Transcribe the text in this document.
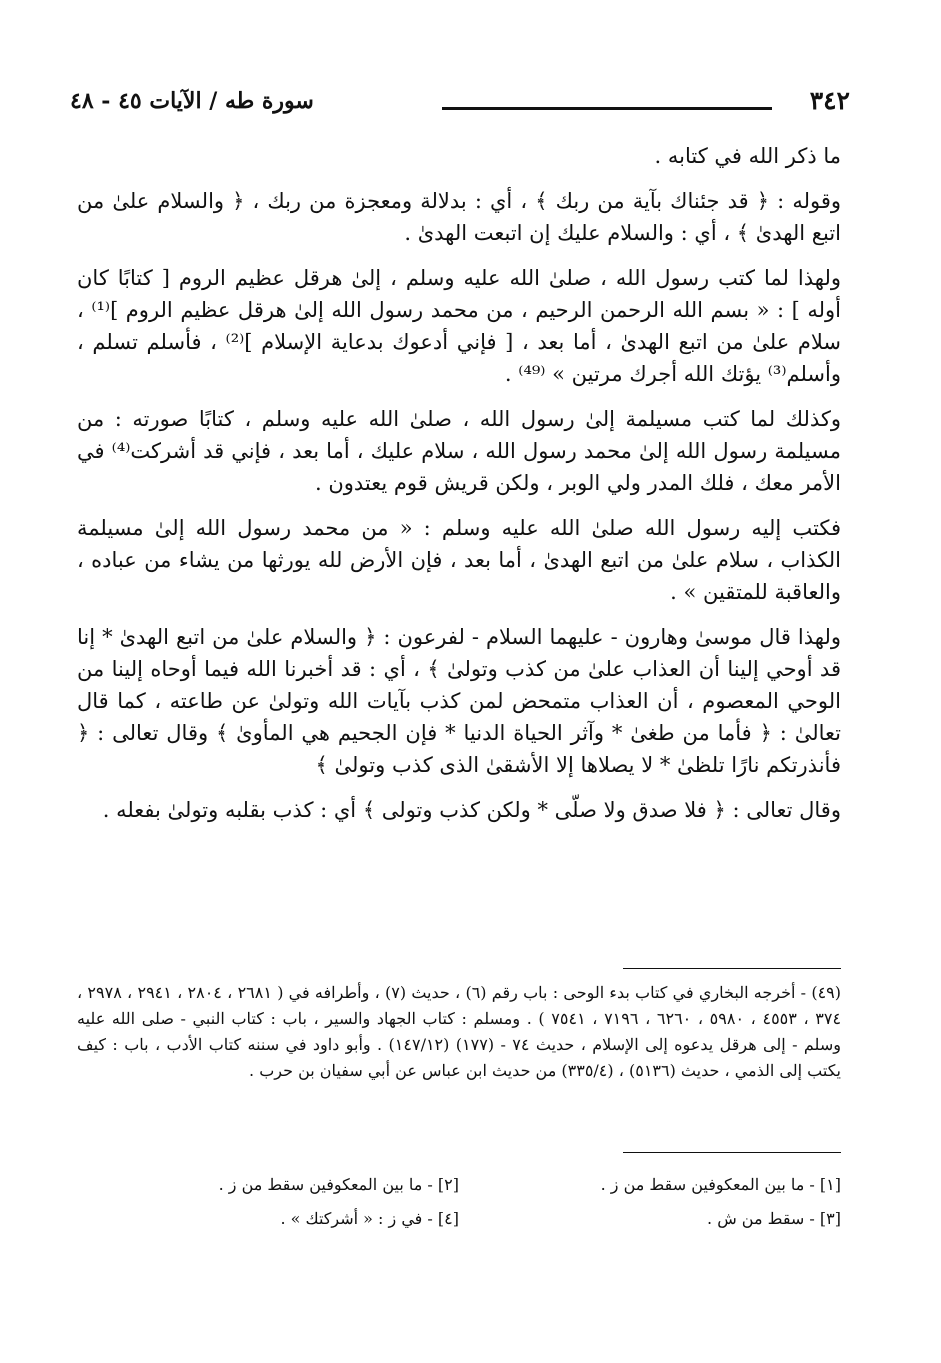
٣٤٢
سورة طه / الآيات ٤٥ - ٤٨

ما ذكر الله في كتابه .

وقوله : ﴿ قد جئناك بآية من ربك ﴾ ، أي : بدلالة ومعجزة من ربك ، ﴿ والسلام علىٰ من اتبع الهدىٰ ﴾ ، أي : والسلام عليك إن اتبعت الهدىٰ .

ولهذا لما كتب رسول الله ، صلىٰ الله عليه وسلم ، إلىٰ هرقل عظيم الروم [ كتابًا كان أوله ] : « بسم الله الرحمن الرحيم ، من محمد رسول الله إلىٰ هرقل عظيم الروم ]⁽¹⁾ ، سلام علىٰ من اتبع الهدىٰ ، أما بعد ، [ فإني أدعوك بدعاية الإسلام ]⁽²⁾ ، فأسلم تسلم ، وأسلم⁽³⁾ يؤتك الله أجرك مرتين » ⁽⁴⁹⁾ .

وكذلك لما كتب مسيلمة إلىٰ رسول الله ، صلىٰ الله عليه وسلم ، كتابًا صورته : من مسيلمة رسول الله إلىٰ محمد رسول الله ، سلام عليك ، أما بعد ، فإني قد أشركت⁽⁴⁾ في الأمر معك ، فلك المدر ولي الوبر ، ولكن قريش قوم يعتدون .

فكتب إليه رسول الله صلىٰ الله عليه وسلم : « من محمد رسول الله إلىٰ مسيلمة الكذاب ، سلام علىٰ من اتبع الهدىٰ ، أما بعد ، فإن الأرض لله يورثها من يشاء من عباده ، والعاقبة للمتقين » .

ولهذا قال موسىٰ وهارون - عليهما السلام - لفرعون : ﴿ والسلام علىٰ من اتبع الهدىٰ * إنا قد أوحي إلينا أن العذاب علىٰ من كذب وتولىٰ ﴾ ، أي : قد أخبرنا الله فيما أوحاه إلينا من الوحي المعصوم ، أن العذاب متمحض لمن كذب بآيات الله وتولىٰ عن طاعته ، كما قال تعالىٰ : ﴿ فأما من طغىٰ * وآثر الحياة الدنيا * فإن الجحيم هي المأوىٰ ﴾ وقال تعالى : ﴿ فأنذرتكم نارًا تلظىٰ * لا يصلاها إلا الأشقىٰ الذى كذب وتولىٰ ﴾

وقال تعالى : ﴿ فلا صدق ولا صلّى * ولكن كذب وتولى ﴾ أي : كذب بقلبه وتولىٰ بفعله .

(٤٩) - أخرجه البخاري في كتاب بدء الوحى : باب رقم (٦) ، حديث (٧) ، وأطرافه في ( ٢٦٨١ ، ٢٨٠٤ ، ٢٩٤١ ، ٢٩٧٨ ، ٣٧٤ ، ٤٥٥٣ ، ٥٩٨٠ ، ٦٢٦٠ ، ٧١٩٦ ، ٧٥٤١ ) . ومسلم : كتاب الجهاد والسير ، باب : كتاب النبي - صلى الله عليه وسلم - إلى هرقل يدعوه إلى الإسلام ، حديث ٧٤ - (١٧٧) (١٤٧/١٢) . وأبو داود في سننه كتاب الأدب ، باب : كيف يكتب إلى الذمي ، حديث (٥١٣٦) ، (٣٣٥/٤) من حديث ابن عباس عن أبي سفيان بن حرب .

[١] - ما بين المعكوفين سقط من ز .
[٢] - ما بين المعكوفين سقط من ز .
[٣] - سقط من ش .
[٤] - في ز : « أشركتك » .
